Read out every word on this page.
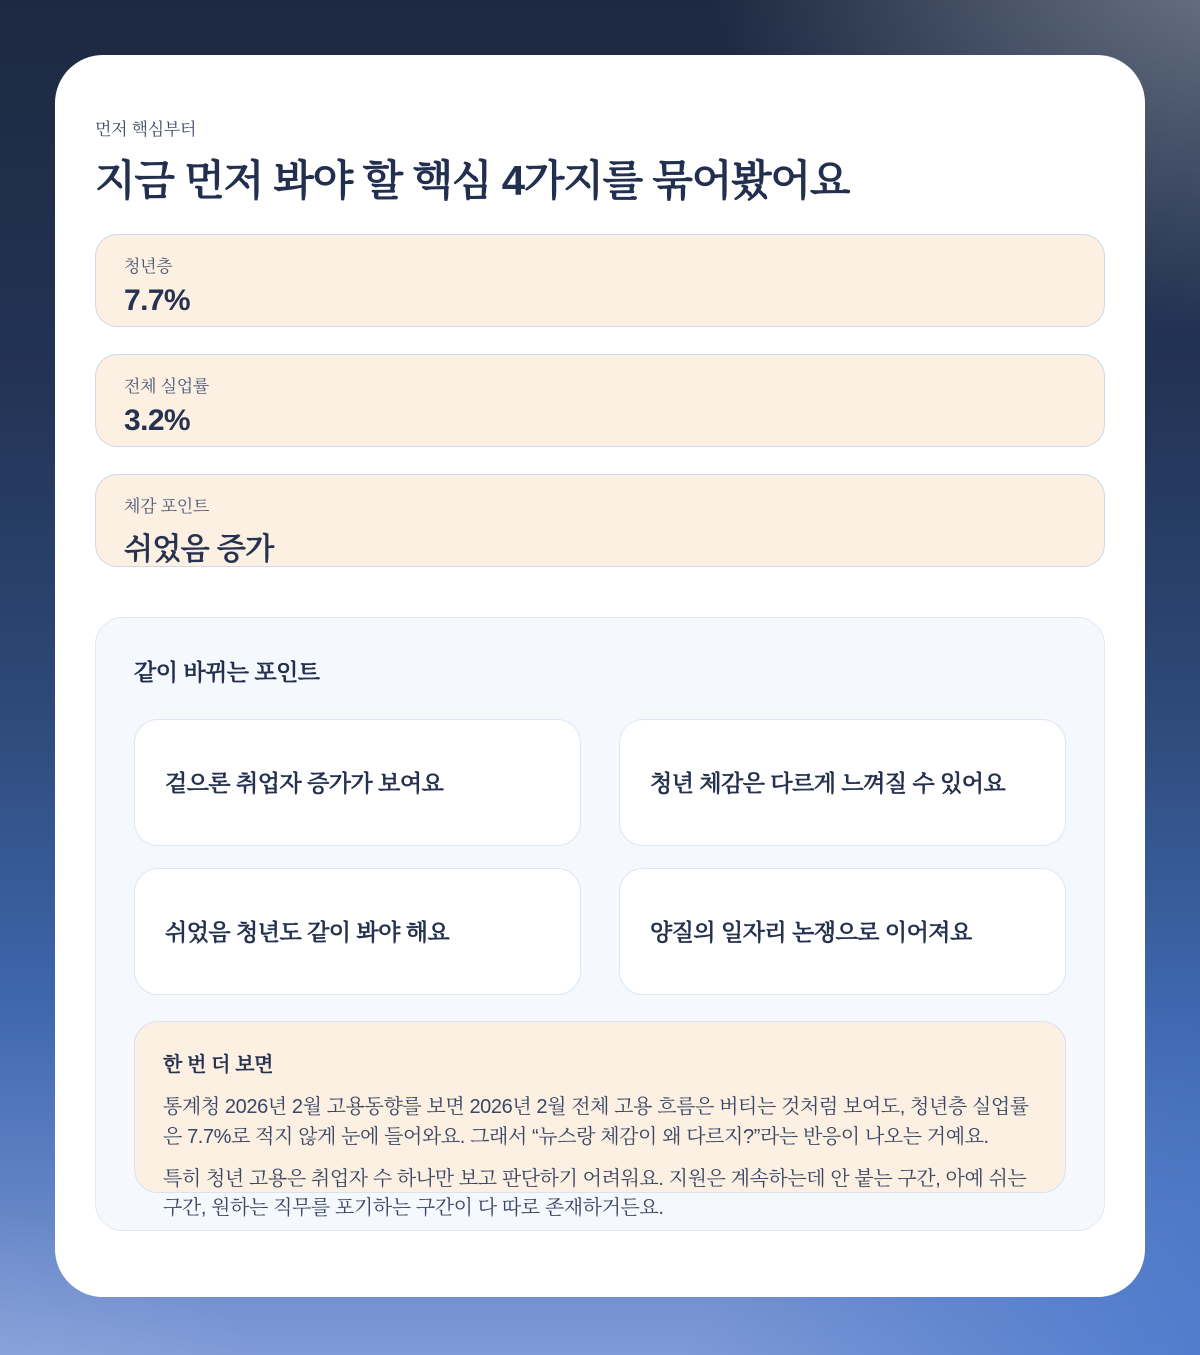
먼저 핵심부터
지금 먼저 봐야 할 핵심 4가지를 묶어봤어요
청년층
7.7%
전체 실업률
3.2%
체감 포인트
쉬었음 증가
같이 바뀌는 포인트
겉으론 취업자 증가가 보여요	청년 체감은 다르게 느껴질 수 있어요
쉬었음 청년도 같이 봐야 해요	양질의 일자리 논쟁으로 이어져요
한 번 더 보면

통계청 2026년 2월 고용동향를 보면 2026년 2월 전체 고용 흐름은 버티는 것처럼 보여도, 청년층 실업률은 7.7%로 적지 않게 눈에 들어와요. 그래서 “뉴스랑 체감이 왜 다르지?”라는 반응이 나오는 거예요.

특히 청년 고용은 취업자 수 하나만 보고 판단하기 어려워요. 지원은 계속하는데 안 붙는 구간, 아예 쉬는 구간, 원하는 직무를 포기하는 구간이 다 따로 존재하거든요.
